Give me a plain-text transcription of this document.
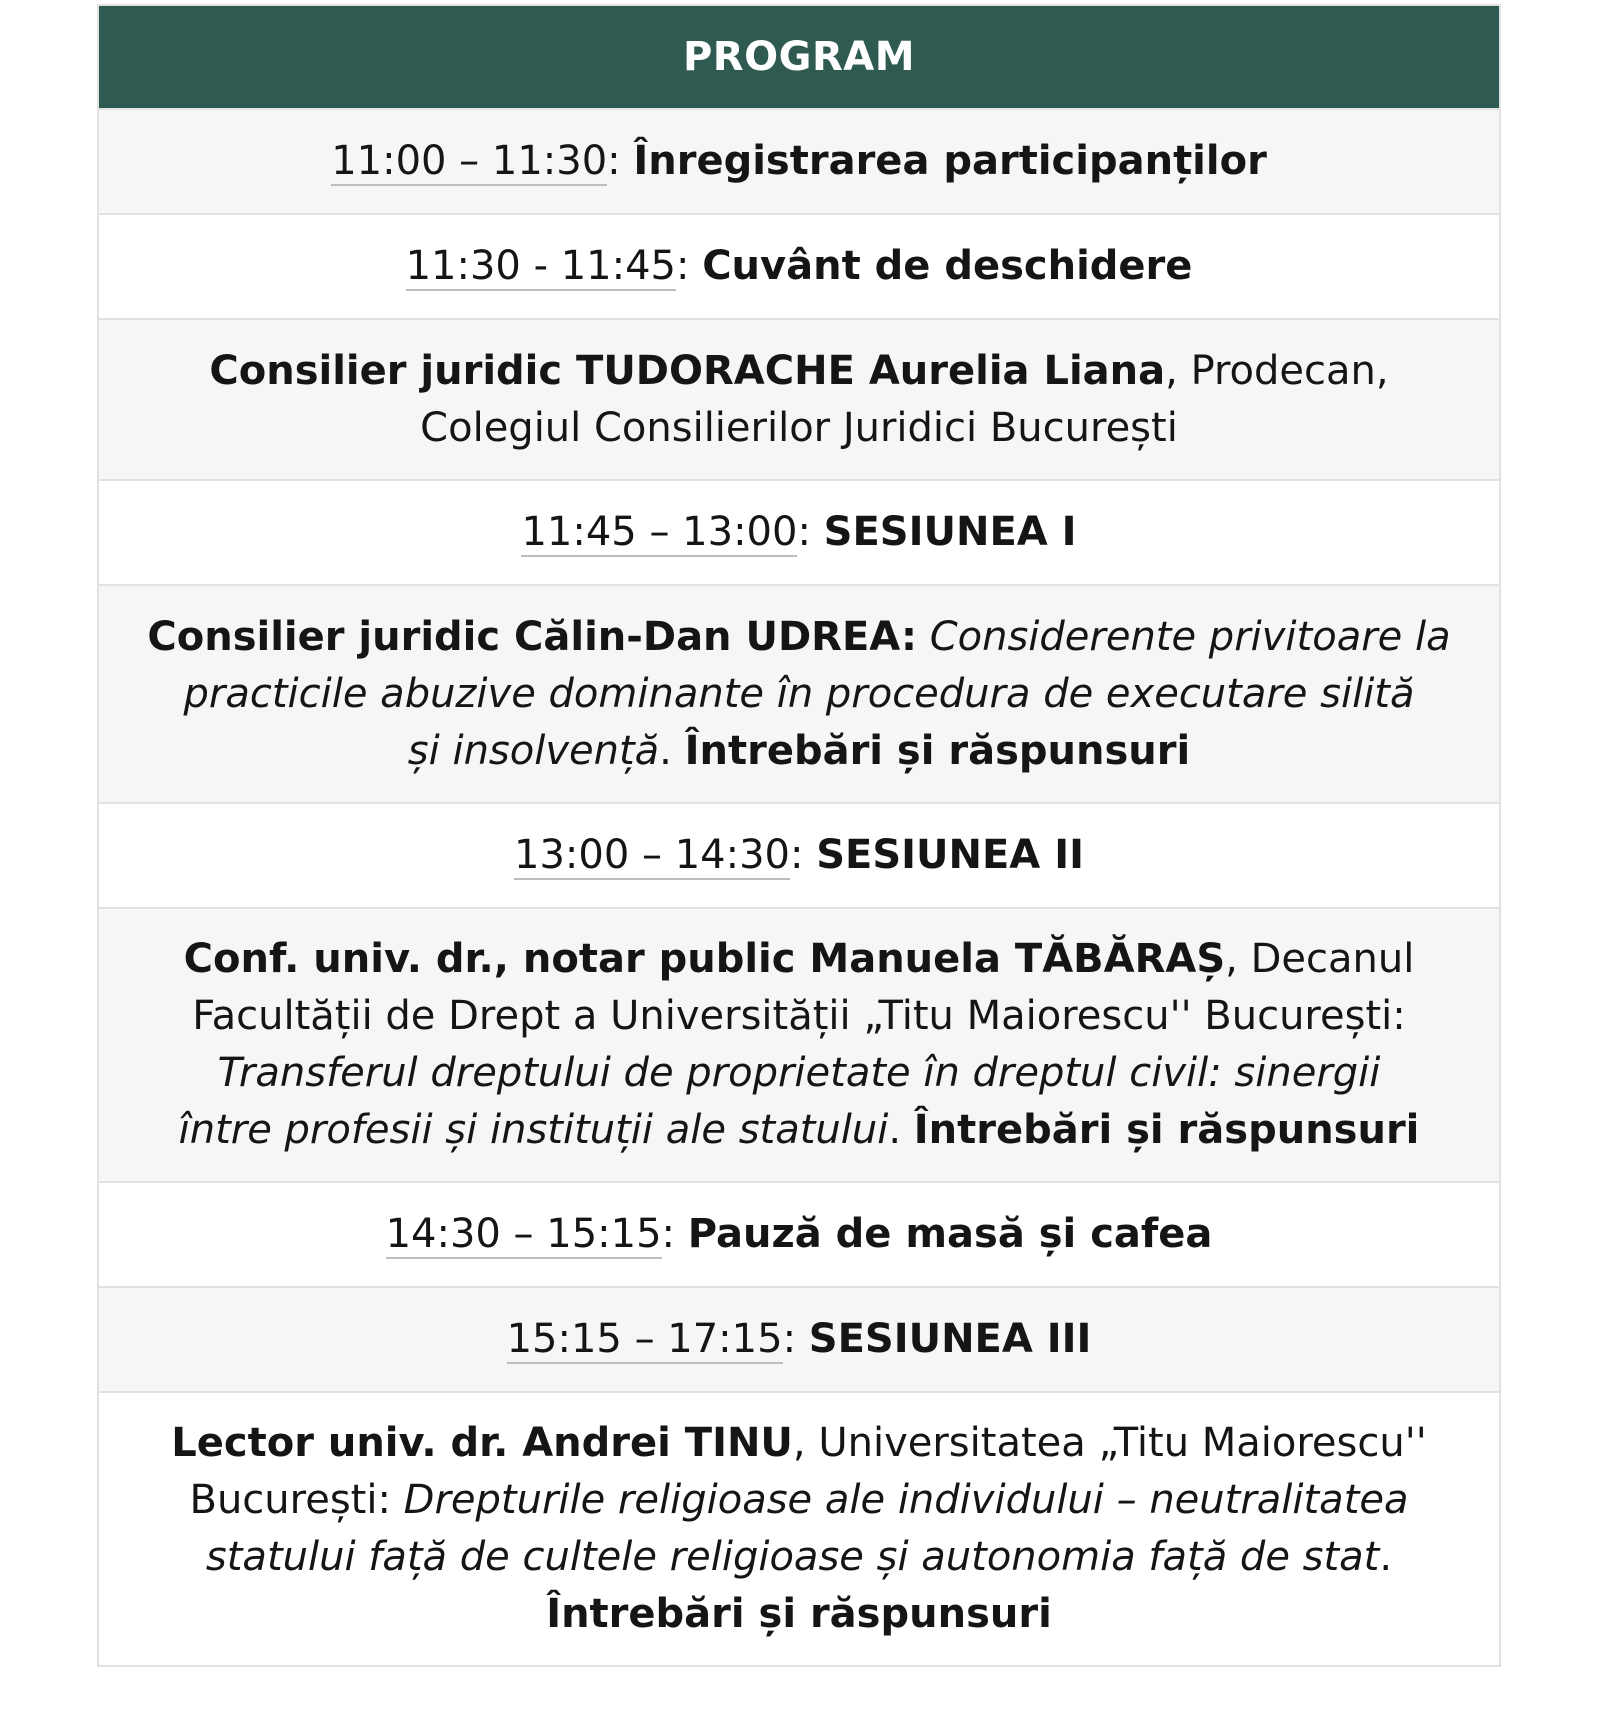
PROGRAM
11:00 – 11:30: Înregistrarea participanților
11:30 - 11:45: Cuvânt de deschidere
Consilier juridic TUDORACHE Aurelia Liana, Prodecan,
Colegiul Consilierilor Juridici București
11:45 – 13:00: SESIUNEA I
Consilier juridic Călin-Dan UDREA: Considerente privitoare la
practicile abuzive dominante în procedura de executare silită
și insolvență. Întrebări și răspunsuri
13:00 – 14:30: SESIUNEA II
Conf. univ. dr., notar public Manuela TĂBĂRAȘ, Decanul
Facultății de Drept a Universității „Titu Maiorescu'' București:
Transferul dreptului de proprietate în dreptul civil: sinergii
între profesii și instituții ale statului. Întrebări și răspunsuri
14:30 – 15:15: Pauză de masă și cafea
15:15 – 17:15: SESIUNEA III
Lector univ. dr. Andrei TINU, Universitatea „Titu Maiorescu''
București: Drepturile religioase ale individului – neutralitatea
statului față de cultele religioase și autonomia față de stat.
Întrebări și răspunsuri
